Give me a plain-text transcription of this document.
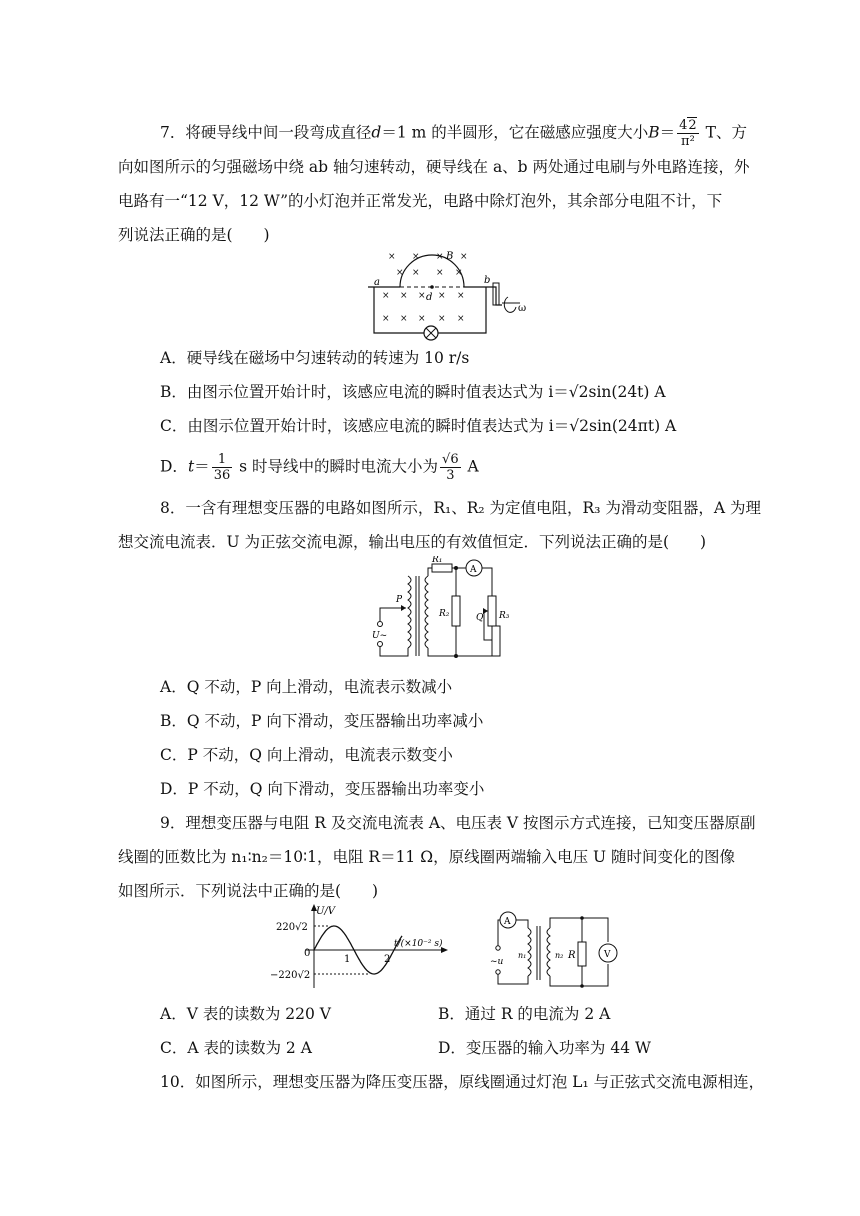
7．将硬导线中间一段弯成直径d＝1 m 的半圆形，它在磁感应强度大小$B= \frac{42}{\text{π²}}$ T、方
向如图所示的匀强磁场中绕 ab 轴匀速转动，硬导线在 a、b 两处通过电刷与外电路连接，外
电路有一“12 V，12 W”的小灯泡并正常发光，电路中除灯泡外，其余部分电阻不计，下
列说法正确的是(　　)
× × × ×
× × × ×
× × × × ×
× × × × ×
a	b
B
d
ω
A．硬导线在磁场中匀速转动的转速为 10 r/s
B．由图示位置开始计时，该感应电流的瞬时值表达式为 i＝√2sin(24t) A
C．由图示位置开始计时，该感应电流的瞬时值表达式为 i＝√2sin(24πt) A
D．$t= \frac{1}{36}$ s 时导线中的瞬时电流大小为 $\frac{√6}{3}$ A
8．一含有理想变压器的电路如图所示，R₁、R₂ 为定值电阻，R₃ 为滑动变阻器，A 为理
想交流电流表．U 为正弦交流电源，输出电压的有效值恒定．下列说法正确的是(　　)
R₁
A
R₂	R₃
Q
P
U~
A．Q 不动，P 向上滑动，电流表示数减小
B．Q 不动，P 向下滑动，变压器输出功率减小
C．P 不动，Q 向上滑动，电流表示数变小
D．P 不动，Q 向下滑动，变压器输出功率变小
9．理想变压器与电阻 R 及交流电流表 A、电压表 V 按图示方式连接，已知变压器原副
线圈的匝数比为 n₁∶n₂＝10∶1，电阻 R＝11 Ω，原线圈两端输入电压 U 随时间变化的图像
如图所示．下列说法中正确的是(　　)
U/V
t/(×10⁻² s)
220√2
−220√2
0
1	2
A
V
~u
n₁	n₂ R
A．V 表的读数为 220 V	B．通过 R 的电流为 2 A
C．A 表的读数为 2 A	D．变压器的输入功率为 44 W
10．如图所示，理想变压器为降压变压器，原线圈通过灯泡 L₁ 与正弦式交流电源相连，
